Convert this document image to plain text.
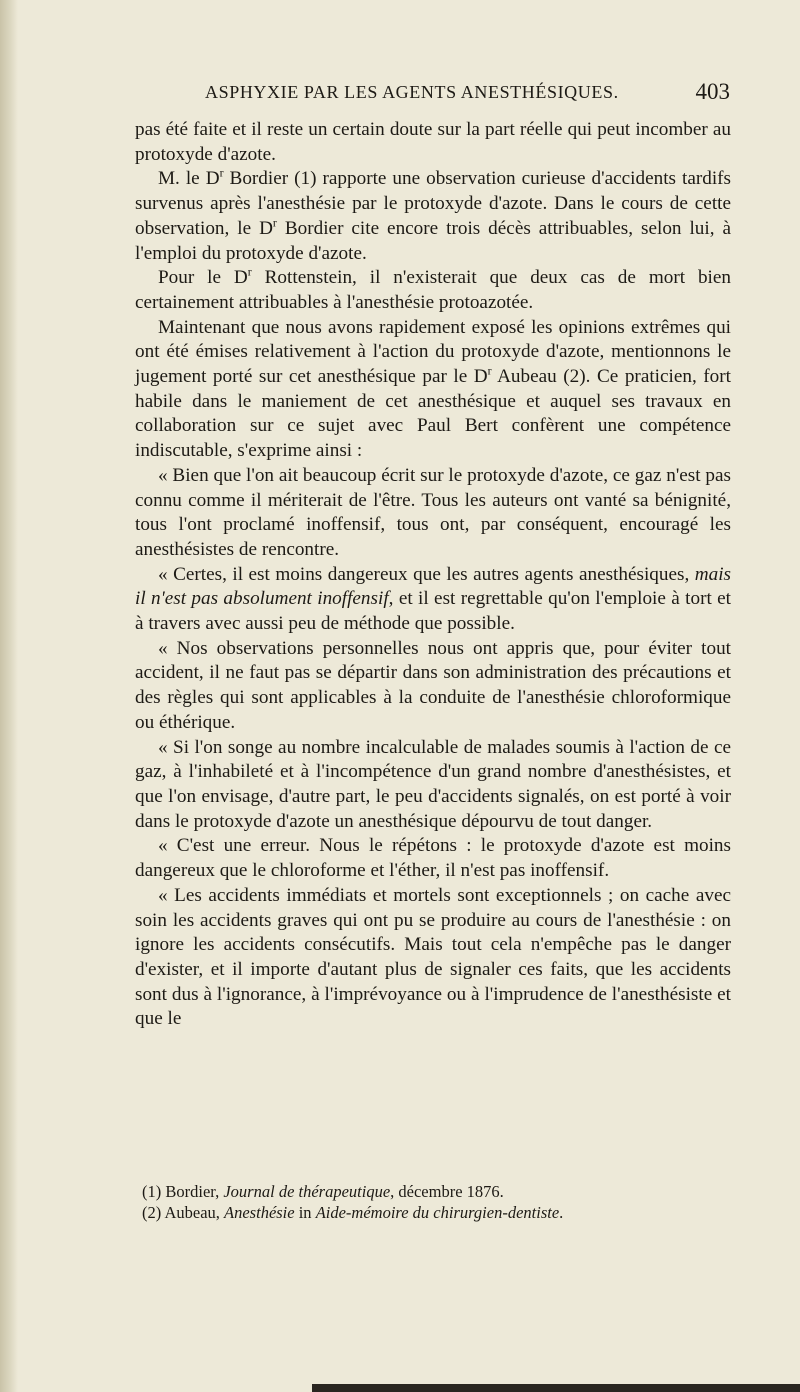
ASPHYXIE PAR LES AGENTS ANESTHÉSIQUES.	403

pas été faite et il reste un certain doute sur la part réelle qui peut incomber au protoxyde d'azote.

M. le $D^r$ Bordier (1) rapporte une observation curieuse d'accidents tardifs survenus après l'anesthésie par le protoxyde d'azote. Dans le cours de cette observation, le $D^r$ Bordier cite encore trois décès attribuables, selon lui, à l'emploi du protoxyde d'azote.

Pour le $D^r$ Rottenstein, il n'existerait que deux cas de mort bien certainement attribuables à l'anesthésie protoazotée.

Maintenant que nous avons rapidement exposé les opinions extrêmes qui ont été émises relativement à l'action du protoxyde d'azote, mentionnons le jugement porté sur cet anesthésique par le $D^r$ Aubeau (2). Ce praticien, fort habile dans le maniement de cet anesthésique et auquel ses travaux en collaboration sur ce sujet avec Paul Bert confèrent une compétence indiscutable, s'exprime ainsi :

« Bien que l'on ait beaucoup écrit sur le protoxyde d'azote, ce gaz n'est pas connu comme il mériterait de l'être. Tous les auteurs ont vanté sa bénignité, tous l'ont proclamé inoffensif, tous ont, par conséquent, encouragé les anesthésistes de rencontre.

« Certes, il est moins dangereux que les autres agents anesthésiques, mais il n'est pas absolument inoffensif, et il est regrettable qu'on l'emploie à tort et à travers avec aussi peu de méthode que possible.

« Nos observations personnelles nous ont appris que, pour éviter tout accident, il ne faut pas se départir dans son administration des précautions et des règles qui sont applicables à la conduite de l'anesthésie chloroformique ou éthérique.

« Si l'on songe au nombre incalculable de malades soumis à l'action de ce gaz, à l'inhabileté et à l'incompétence d'un grand nombre d'anesthésistes, et que l'on envisage, d'autre part, le peu d'accidents signalés, on est porté à voir dans le protoxyde d'azote un anesthésique dépourvu de tout danger.

« C'est une erreur. Nous le répétons : le protoxyde d'azote est moins dangereux que le chloroforme et l'éther, il n'est pas inoffensif.

« Les accidents immédiats et mortels sont exceptionnels ; on cache avec soin les accidents graves qui ont pu se produire au cours de l'anesthésie : on ignore les accidents consécutifs. Mais tout cela n'empêche pas le danger d'exister, et il importe d'autant plus de signaler ces faits, que les accidents sont dus à l'ignorance, à l'imprévoyance ou à l'imprudence de l'anesthésiste et que le

(1) Bordier, Journal de thérapeutique, décembre 1876.

(2) Aubeau, Anesthésie in Aide-mémoire du chirurgien-dentiste.
